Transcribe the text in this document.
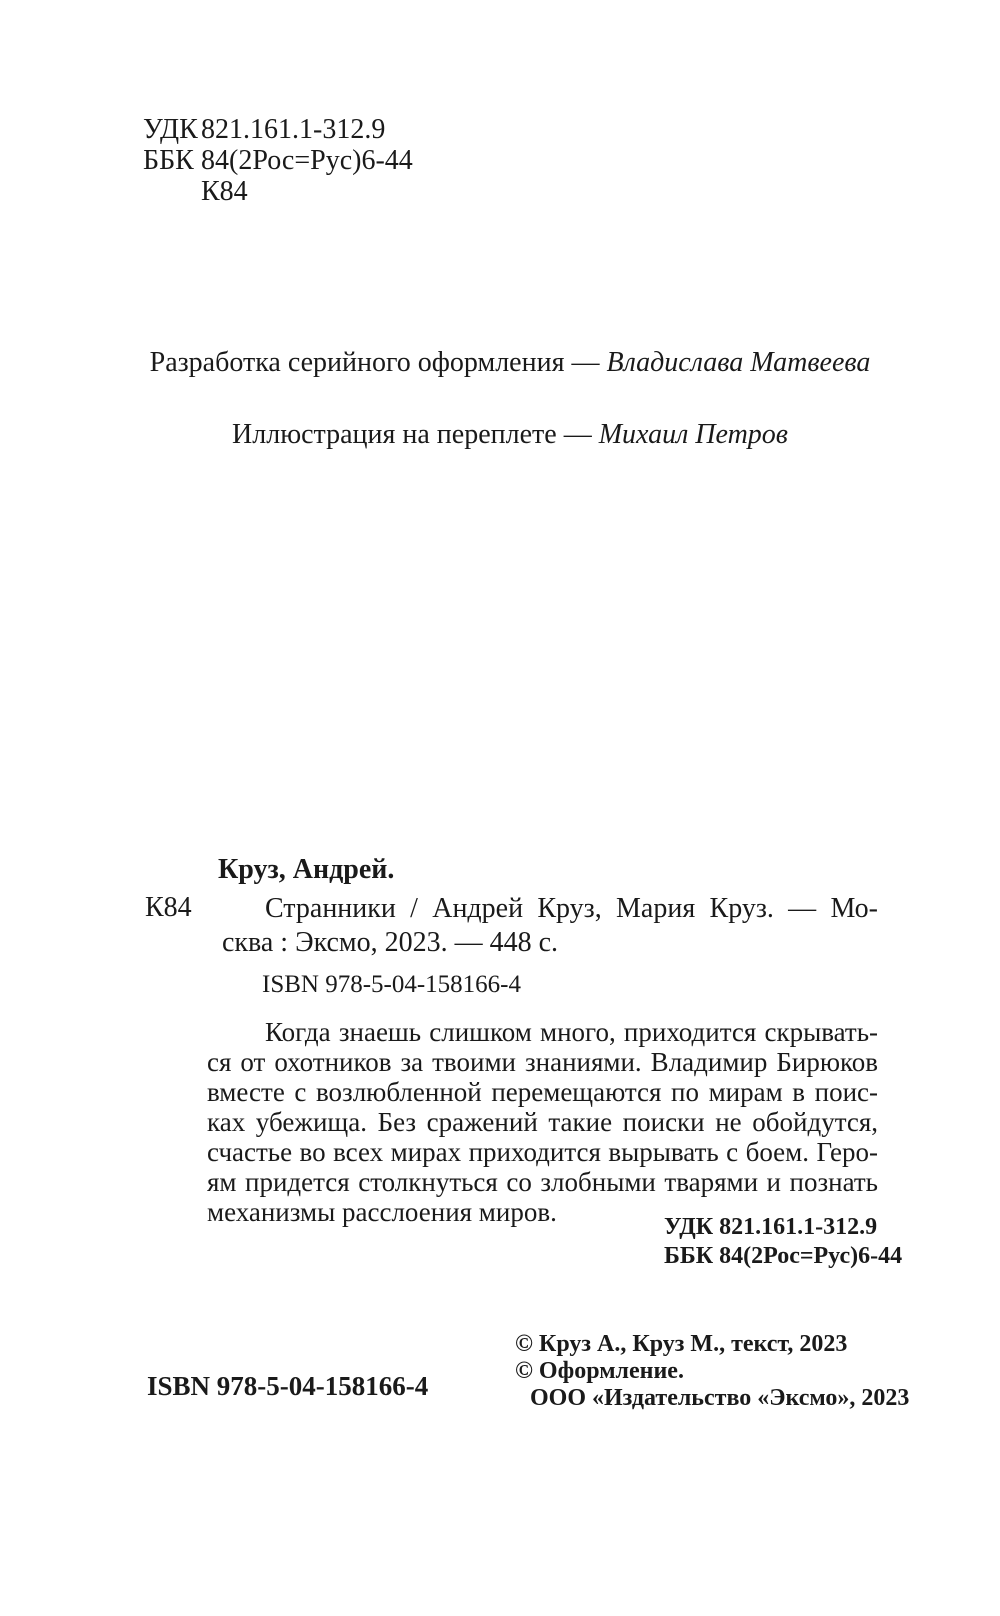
УДК 821.161.1-312.9
ББК 84(2Рос=Рус)6-44
К84
Разработка серийного оформления — Владислава Матвеева
Иллюстрация на переплете — Михаил Петров
Круз, Андрей.
К84	Странники / Андрей Круз, Мария Круз. — Мо-
сква : Эксмо, 2023. — 448 с.
ISBN 978-5-04-158166-4
Когда знаешь слишком много, приходится скрывать-
ся от охотников за твоими знаниями. Владимир Бирюков
вместе с возлюбленной перемещаются по мирам в поис-
ках убежища. Без сражений такие поиски не обойдутся,
счастье во всех мирах приходится вырывать с боем. Геро-
ям придется столкнуться со злобными тварями и познать
механизмы расслоения миров.	УДК 821.161.1-312.9
ББК 84(2Рос=Рус)6-44
ISBN 978-5-04-158166-4
© Круз А., Круз М., текст, 2023
© Оформление.
ООО «Издательство «Эксмо», 2023
